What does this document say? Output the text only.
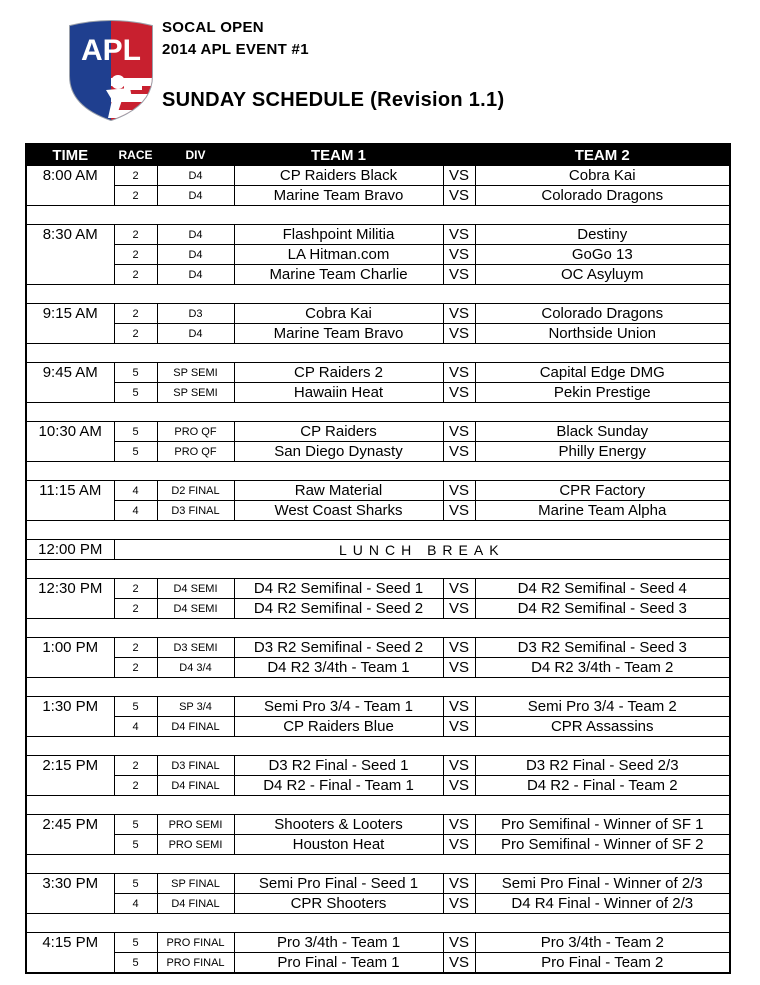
APL
SOCAL OPEN
2014 APL EVENT #1
SUNDAY SCHEDULE (Revision 1.1)
TIME	RACE	DIV	TEAM 1		TEAM 2
8:00 AM	2	D4	CP Raiders Black	VS	Cobra Kai
	2	D4	Marine Team Bravo	VS	Colorado Dragons

8:30 AM	2	D4	Flashpoint Militia	VS	Destiny
	2	D4	LA Hitman.com	VS	GoGo 13
	2	D4	Marine Team Charlie	VS	OC Asyluym

9:15 AM	2	D3	Cobra Kai	VS	Colorado Dragons
	2	D4	Marine Team Bravo	VS	Northside Union

9:45 AM	5	SP SEMI	CP Raiders 2	VS	Capital Edge DMG
	5	SP SEMI	Hawaiin Heat	VS	Pekin Prestige

10:30 AM	5	PRO QF	CP Raiders	VS	Black Sunday
	5	PRO QF	San Diego Dynasty	VS	Philly Energy

11:15 AM	4	D2 FINAL	Raw Material	VS	CPR Factory
	4	D3 FINAL	West Coast Sharks	VS	Marine Team Alpha

12:00 PM	LUNCH BREAK				

12:30 PM	2	D4 SEMI	D4 R2 Semifinal - Seed 1	VS	D4 R2 Semifinal - Seed 4
	2	D4 SEMI	D4 R2 Semifinal - Seed 2	VS	D4 R2 Semifinal - Seed 3

1:00 PM	2	D3 SEMI	D3 R2 Semifinal - Seed 2	VS	D3 R2 Semifinal - Seed 3
	2	D4 3/4	D4 R2 3/4th - Team 1	VS	D4 R2 3/4th - Team 2

1:30 PM	5	SP 3/4	Semi Pro 3/4 - Team 1	VS	Semi Pro 3/4 - Team 2
	4	D4 FINAL	CP Raiders Blue	VS	CPR Assassins

2:15 PM	2	D3 FINAL	D3 R2 Final - Seed 1	VS	D3 R2 Final - Seed 2/3
	2	D4 FINAL	D4 R2 - Final - Team 1	VS	D4 R2 - Final - Team 2

2:45 PM	5	PRO SEMI	Shooters & Looters	VS	Pro Semifinal - Winner of SF 1
	5	PRO SEMI	Houston Heat	VS	Pro Semifinal - Winner of SF 2

3:30 PM	5	SP FINAL	Semi Pro Final - Seed 1	VS	Semi Pro Final - Winner of 2/3
	4	D4 FINAL	CPR Shooters	VS	D4 R4 Final - Winner of 2/3

4:15 PM	5	PRO FINAL	Pro 3/4th - Team 1	VS	Pro 3/4th - Team 2
	5	PRO FINAL	Pro Final - Team 1	VS	Pro Final - Team 2
